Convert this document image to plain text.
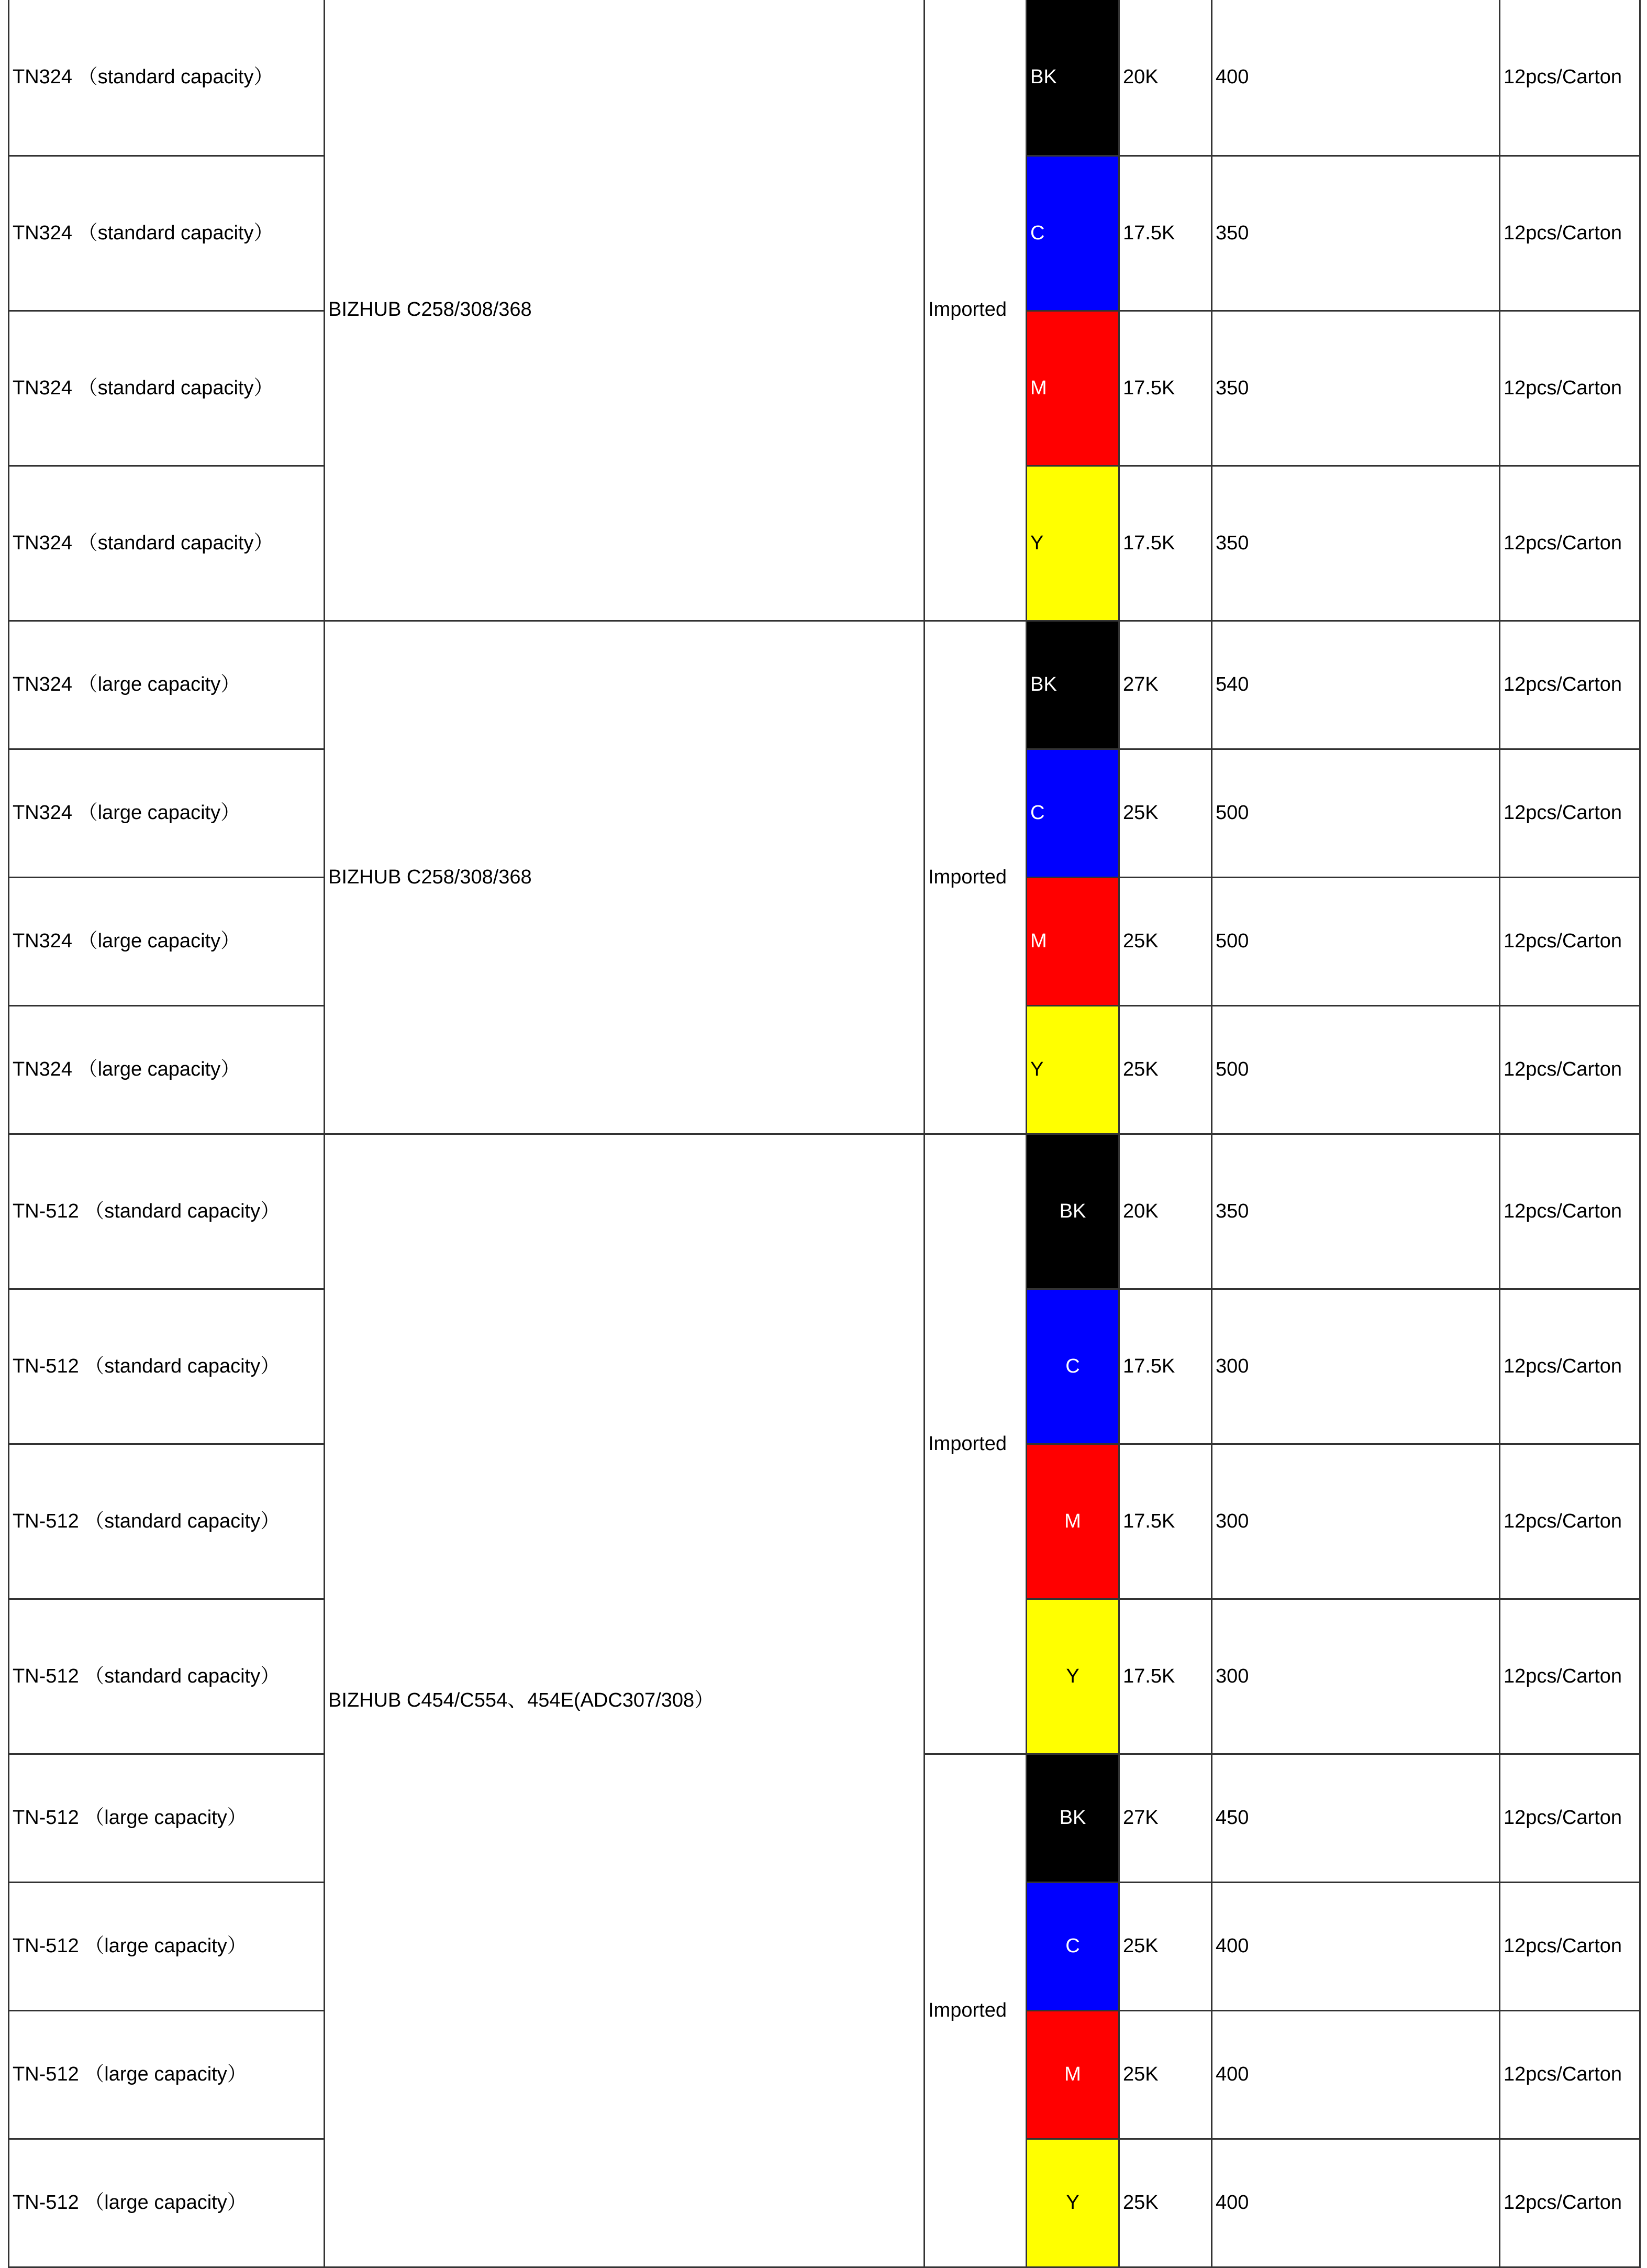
TN324 （standard capacity）	BIZHUB C258/308/368	Imported	BK	20K	400	12pcs/Carton
TN324 （standard capacity）			C	17.5K	350	12pcs/Carton
TN324 （standard capacity）			M	17.5K	350	12pcs/Carton
TN324 （standard capacity）			Y	17.5K	350	12pcs/Carton
TN324 （large capacity）	BIZHUB C258/308/368	Imported	BK	27K	540	12pcs/Carton
TN324 （large capacity）			C	25K	500	12pcs/Carton
TN324 （large capacity）			M	25K	500	12pcs/Carton
TN324 （large capacity）			Y	25K	500	12pcs/Carton
TN-512 （standard capacity）	BIZHUB C454/C554、454E(ADC307/308）	Imported	BK	20K	350	12pcs/Carton
TN-512 （standard capacity）			C	17.5K	300	12pcs/Carton
TN-512 （standard capacity）			M	17.5K	300	12pcs/Carton
TN-512 （standard capacity）			Y	17.5K	300	12pcs/Carton
TN-512 （large capacity）		Imported	BK	27K	450	12pcs/Carton
TN-512 （large capacity）			C	25K	400	12pcs/Carton
TN-512 （large capacity）			M	25K	400	12pcs/Carton
TN-512 （large capacity）			Y	25K	400	12pcs/Carton
